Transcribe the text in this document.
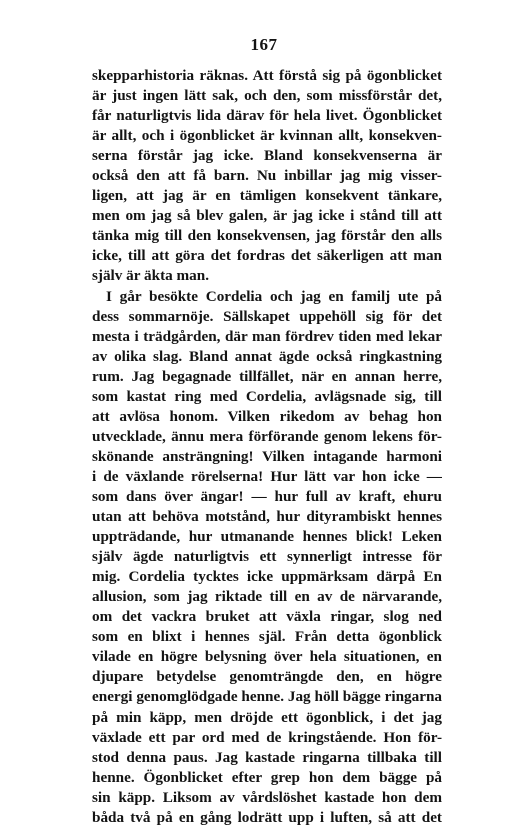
167
skepparhistoria räknas. Att förstå sig på ögonblicket
är just ingen lätt sak, och den, som missförstår det,
får naturligtvis lida därav för hela livet. Ögonblicket
är allt, och i ögonblicket är kvinnan allt, konsekven-
serna förstår jag icke. Bland konsekvenserna är
också den att få barn. Nu inbillar jag mig visser-
ligen, att jag är en tämligen konsekvent tänkare,
men om jag så blev galen, är jag icke i stånd till att
tänka mig till den konsekvensen, jag förstår den alls
icke, till att göra det fordras det säkerligen att man
själv är äkta man.
I går besökte Cordelia och jag en familj ute på
dess sommarnöje. Sällskapet uppehöll sig för det
mesta i trädgården, där man fördrev tiden med lekar
av olika slag. Bland annat ägde också ringkastning
rum. Jag begagnade tillfället, när en annan herre,
som kastat ring med Cordelia, avlägsnade sig, till
att avlösa honom. Vilken rikedom av behag hon
utvecklade, ännu mera förförande genom lekens för-
skönande ansträngning! Vilken intagande harmoni
i de växlande rörelserna! Hur lätt var hon icke —
som dans över ängar! — hur full av kraft, ehuru
utan att behöva motstånd, hur dityrambiskt hennes
uppträdande, hur utmanande hennes blick! Leken
själv ägde naturligtvis ett synnerligt intresse för
mig. Cordelia tycktes icke uppmärksam därpå En
allusion, som jag riktade till en av de närvarande,
om det vackra bruket att växla ringar, slog ned
som en blixt i hennes själ. Från detta ögonblick
vilade en högre belysning över hela situationen, en
djupare betydelse genomträngde den, en högre
energi genomglödgade henne. Jag höll bägge ringarna
på min käpp, men dröjde ett ögonblick, i det jag
växlade ett par ord med de kringstående. Hon för-
stod denna paus. Jag kastade ringarna tillbaka till
henne. Ögonblicket efter grep hon dem bägge på
sin käpp. Liksom av vårdslöshet kastade hon dem
båda två på en gång lodrätt upp i luften, så att det
